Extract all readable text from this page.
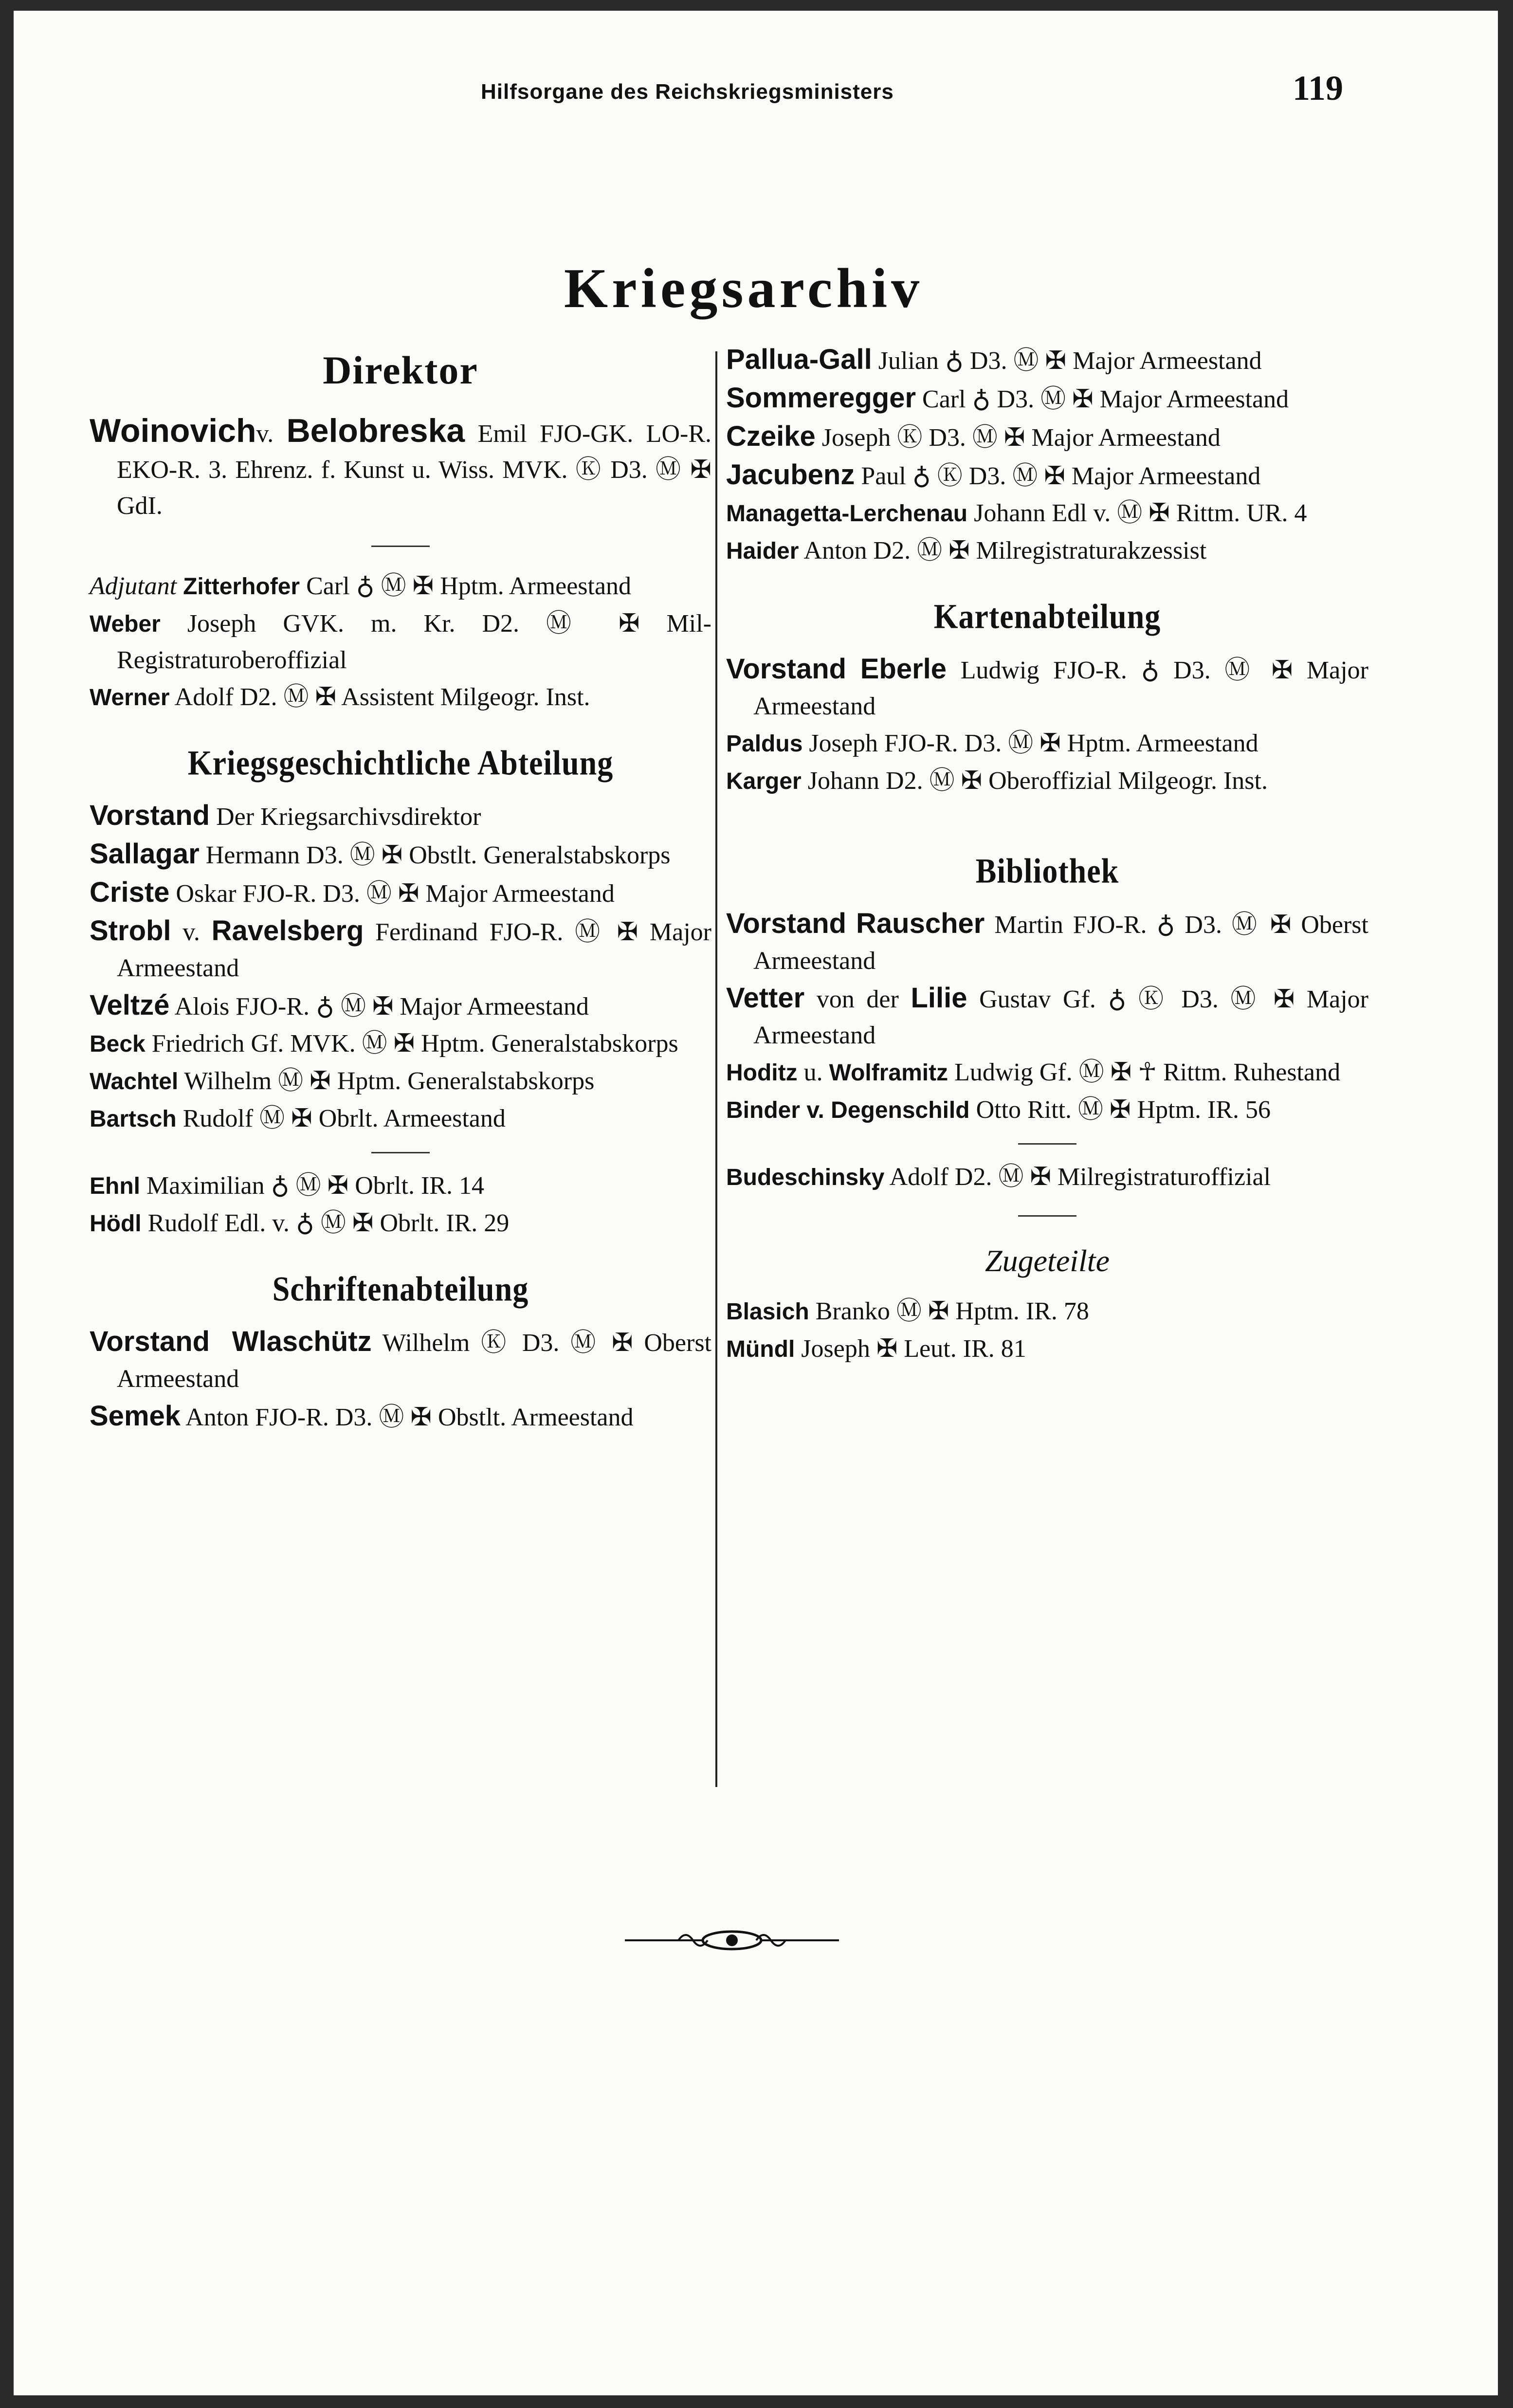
Hilfsorgane des Reichskriegsministers	119
Kriegsarchiv
Direktor
Woinovichv. Belobreska Emil FJO-GK. LO-R. EKO-R. 3. Ehrenz. f. Kunst u. Wiss. MVK. Ⓚ D3. Ⓜ ✠ GdI.
Adjutant Zitterhofer Carl ♁ Ⓜ ✠ Hptm. Armeestand
Weber Joseph GVK. m. Kr. D2. Ⓜ ✠ Mil-Registraturoberoffizial
Werner Adolf D2. Ⓜ ✠ Assistent Milgeogr. Inst.
Kriegsgeschichtliche Abteilung
Vorstand Der Kriegsarchivsdirektor
Sallagar Hermann D3. Ⓜ ✠ Obstlt. Generalstabskorps
Criste Oskar FJO-R. D3. Ⓜ ✠ Major Armeestand
Strobl v. Ravelsberg Ferdinand FJO-R. Ⓜ ✠ Major Armeestand
Veltzé Alois FJO-R. ♁ Ⓜ ✠ Major Armeestand
Beck Friedrich Gf. MVK. Ⓜ ✠ Hptm. Generalstabskorps
Wachtel Wilhelm Ⓜ ✠ Hptm. Generalstabskorps
Bartsch Rudolf Ⓜ ✠ Obrlt. Armeestand
Ehnl Maximilian ♁ Ⓜ ✠ Obrlt. IR. 14
Hödl Rudolf Edl. v. ♁ Ⓜ ✠ Obrlt. IR. 29
Schriftenabteilung
Vorstand Wlaschütz Wilhelm Ⓚ D3. Ⓜ ✠ Oberst Armeestand
Semek Anton FJO-R. D3. Ⓜ ✠ Obstlt. Armeestand
Pallua-Gall Julian ♁ D3. Ⓜ ✠ Major Armeestand
Sommeregger Carl ♁ D3. Ⓜ ✠ Major Armeestand
Czeike Joseph Ⓚ D3. Ⓜ ✠ Major Armeestand
Jacubenz Paul ♁ Ⓚ D3. Ⓜ ✠ Major Armeestand
Managetta-Lerchenau Johann Edl v. Ⓜ ✠ Rittm. UR. 4
Haider Anton D2. Ⓜ ✠ Milregistraturakzessist
Kartenabteilung
Vorstand Eberle Ludwig FJO-R. ♁ D3. Ⓜ ✠ Major Armeestand
Paldus Joseph FJO-R. D3. Ⓜ ✠ Hptm. Armeestand
Karger Johann D2. Ⓜ ✠ Oberoffizial Milgeogr. Inst.
Bibliothek
Vorstand Rauscher Martin FJO-R. ♁ D3. Ⓜ ✠ Oberst Armeestand
Vetter von der Lilie Gustav Gf. ♁ Ⓚ D3. Ⓜ ✠ Major Armeestand
Hoditz u. Wolframitz Ludwig Gf. Ⓜ ✠ ☥ Rittm. Ruhestand
Binder v. Degenschild Otto Ritt. Ⓜ ✠ Hptm. IR. 56
Budeschinsky Adolf D2. Ⓜ ✠ Milregistraturoffizial
Zugeteilte
Blasich Branko Ⓜ ✠ Hptm. IR. 78
Mündl Joseph ✠ Leut. IR. 81
